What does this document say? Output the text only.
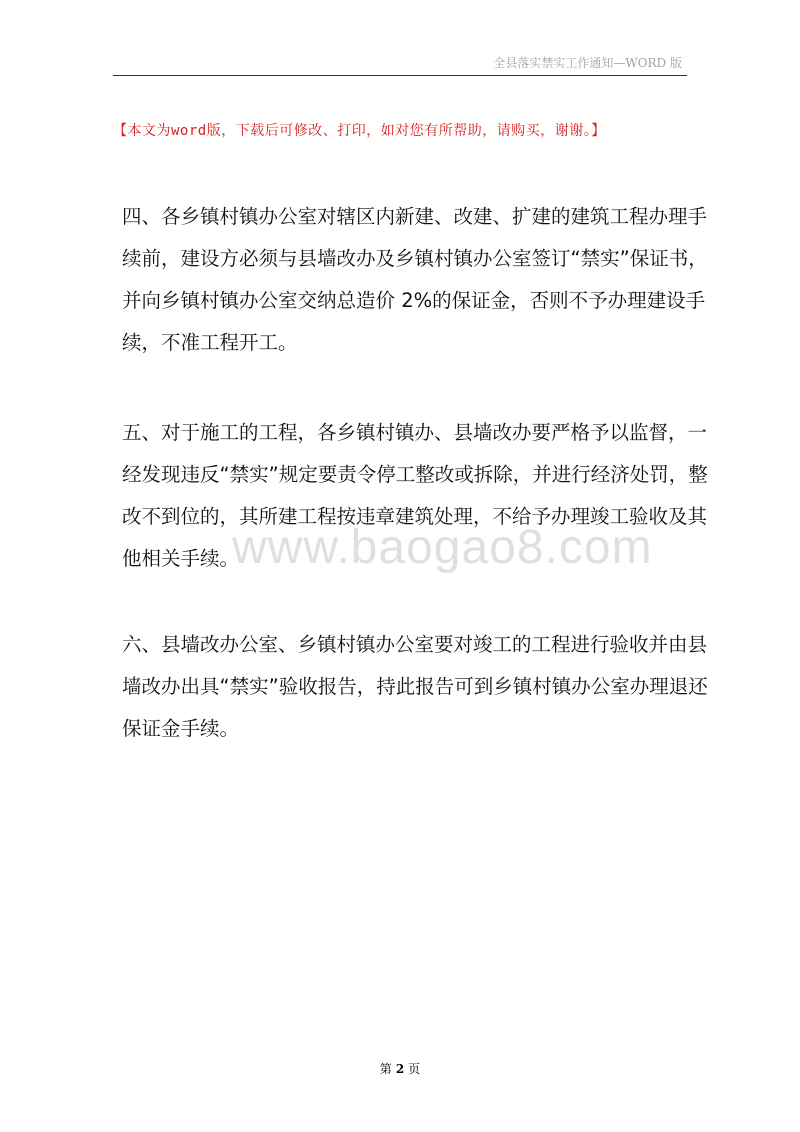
全县落实禁实工作通知—WORD 版
【本文为word版，下载后可修改、打印，如对您有所帮助，请购买，谢谢。】
四、各乡镇村镇办公室对辖区内新建、改建、扩建的建筑工程办理手
续前，建设方必须与县墙改办及乡镇村镇办公室签订“禁实”保证书，
并向乡镇村镇办公室交纳总造价 2%的保证金，否则不予办理建设手
续，不准工程开工。
五、对于施工的工程，各乡镇村镇办、县墙改办要严格予以监督，一
经发现违反“禁实”规定要责令停工整改或拆除，并进行经济处罚，整
改不到位的，其所建工程按违章建筑处理，不给予办理竣工验收及其
他相关手续。
六、县墙改办公室、乡镇村镇办公室要对竣工的工程进行验收并由县
墙改办出具“禁实”验收报告，持此报告可到乡镇村镇办公室办理退还
保证金手续。
www.baogao8.com
第 2 页
